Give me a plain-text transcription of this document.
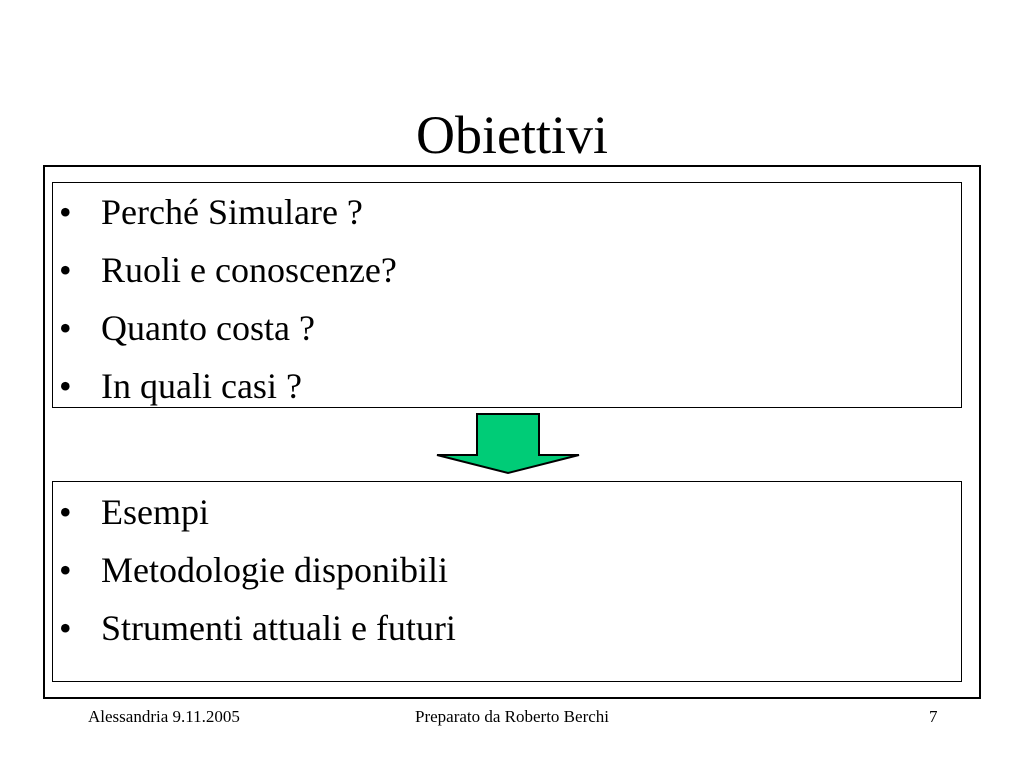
Obiettivi
• Perché Simulare ?
• Ruoli e conoscenze?
• Quanto costa ?
• In quali casi ?
• Esempi
• Metodologie disponibili
• Strumenti attuali e futuri
Alessandria 9.11.2005	Preparato da Roberto Berchi	7
